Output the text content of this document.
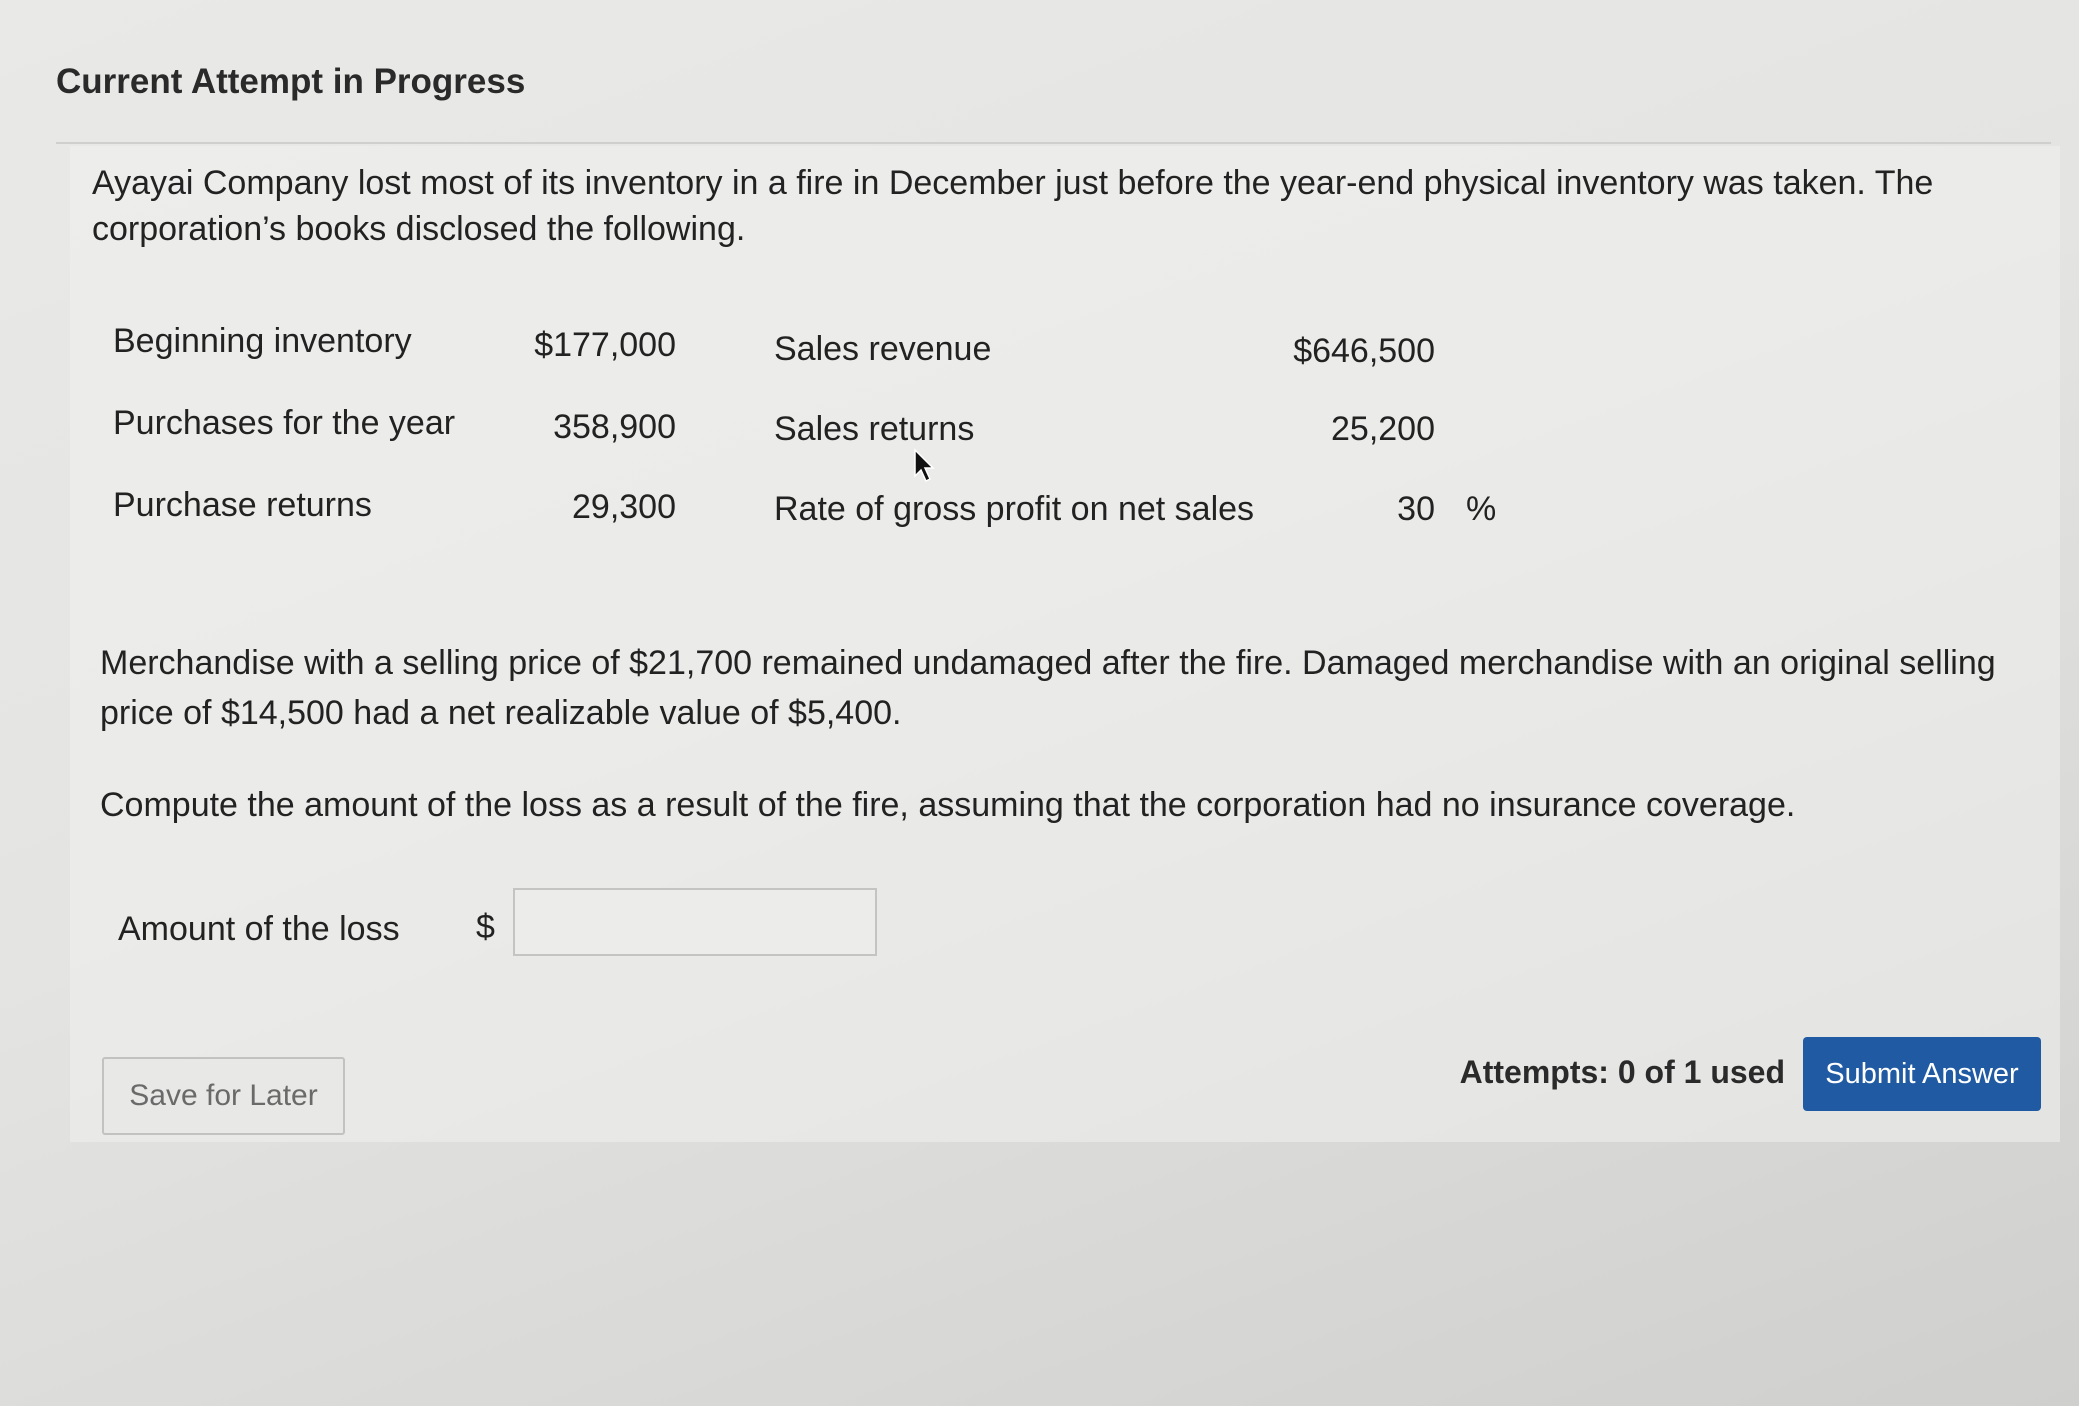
Current Attempt in Progress
Ayayai Company lost most of its inventory in a fire in December just before the year-end physical inventory was taken. The corporation’s books disclosed the following.
Beginning inventory	$177,000	Sales revenue	$646,500
Purchases for the year	358,900	Sales returns	25,200
Purchase returns	29,300	Rate of gross profit on net sales	30 %
Merchandise with a selling price of $21,700 remained undamaged after the fire. Damaged merchandise with an original selling price of $14,500 had a net realizable value of $5,400.
Compute the amount of the loss as a result of the fire, assuming that the corporation had no insurance coverage.
Amount of the loss $
Save for Later
Attempts: 0 of 1 used	Submit Answer
